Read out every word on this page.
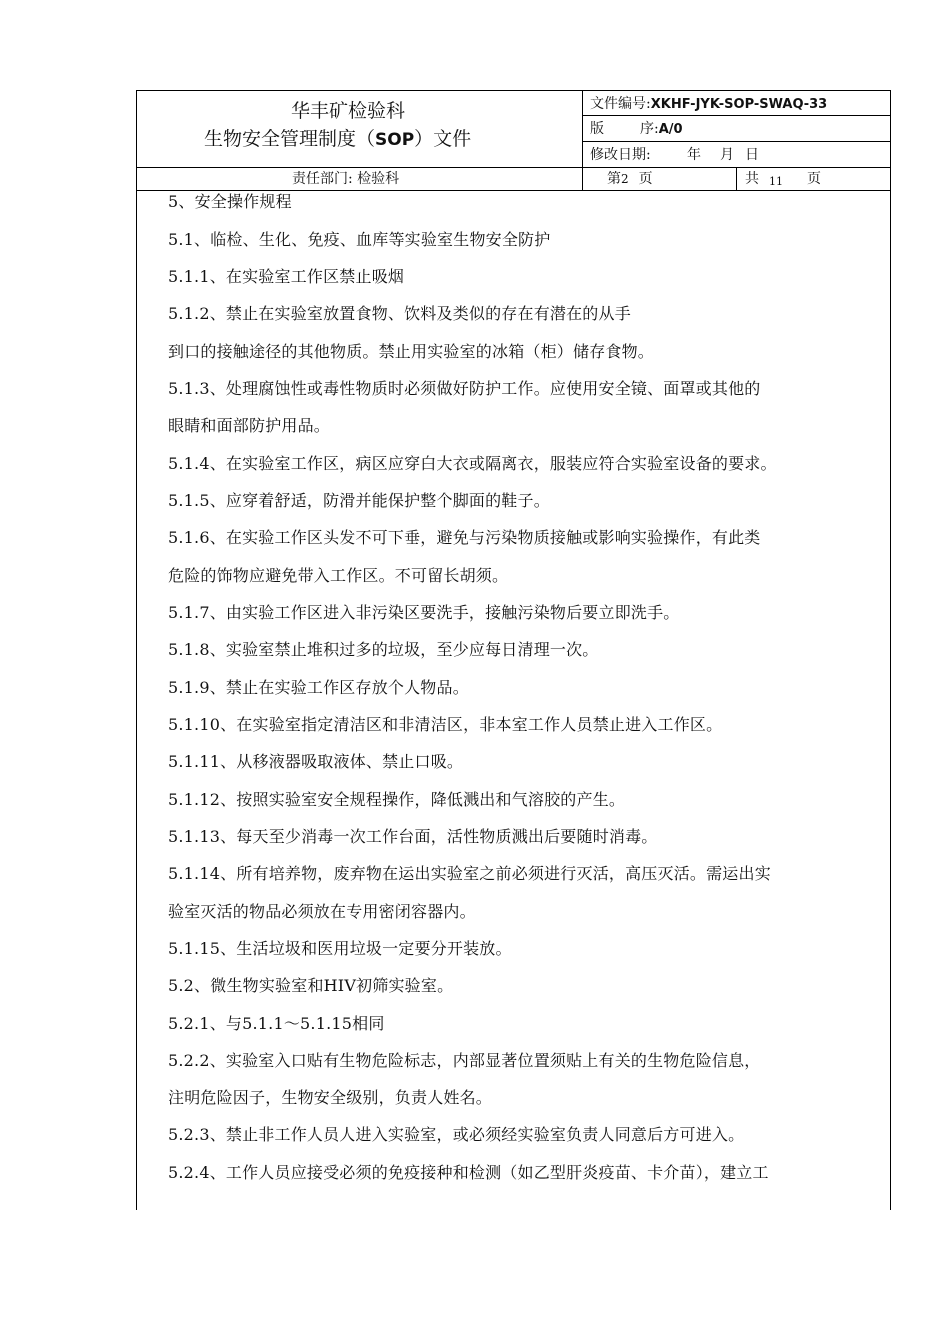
华丰矿检验科
生物安全管理制度（SOP）文件
文件编号:XKHF-JYK-SOP-SWAQ-33
版	序:A/0
修改日期:	年 月 日
责任部门: 检验科	第2 页	共 11 页
5、安全操作规程
5.1、临检、生化、免疫、血库等实验室生物安全防护
5.1.1、在实验室工作区禁止吸烟
5.1.2、禁止在实验室放置食物、饮料及类似的存在有潜在的从手
到口的接触途径的其他物质。禁止用实验室的冰箱（柜）储存食物。
5.1.3、处理腐蚀性或毒性物质时必须做好防护工作。应使用安全镜、面罩或其他的
眼睛和面部防护用品。
5.1.4、在实验室工作区，病区应穿白大衣或隔离衣，服装应符合实验室设备的要求。
5.1.5、应穿着舒适，防滑并能保护整个脚面的鞋子。
5.1.6、在实验工作区头发不可下垂，避免与污染物质接触或影响实验操作，有此类
危险的饰物应避免带入工作区。不可留长胡须。
5.1.7、由实验工作区进入非污染区要洗手，接触污染物后要立即洗手。
5.1.8、实验室禁止堆积过多的垃圾，至少应每日清理一次。
5.1.9、禁止在实验工作区存放个人物品。
5.1.10、在实验室指定清洁区和非清洁区，非本室工作人员禁止进入工作区。
5.1.11、从移液器吸取液体、禁止口吸。
5.1.12、按照实验室安全规程操作，降低溅出和气溶胶的产生。
5.1.13、每天至少消毒一次工作台面，活性物质溅出后要随时消毒。
5.1.14、所有培养物，废弃物在运出实验室之前必须进行灭活，高压灭活。需运出实
验室灭活的物品必须放在专用密闭容器内。
5.1.15、生活垃圾和医用垃圾一定要分开装放。
5.2、微生物实验室和HIV初筛实验室。
5.2.1、与5.1.1～5.1.15相同
5.2.2、实验室入口贴有生物危险标志，内部显著位置须贴上有关的生物危险信息，
注明危险因子，生物安全级别，负责人姓名。
5.2.3、禁止非工作人员人进入实验室，或必须经实验室负责人同意后方可进入。
5.2.4、工作人员应接受必须的免疫接种和检测（如乙型肝炎疫苗、卡介苗），建立工
